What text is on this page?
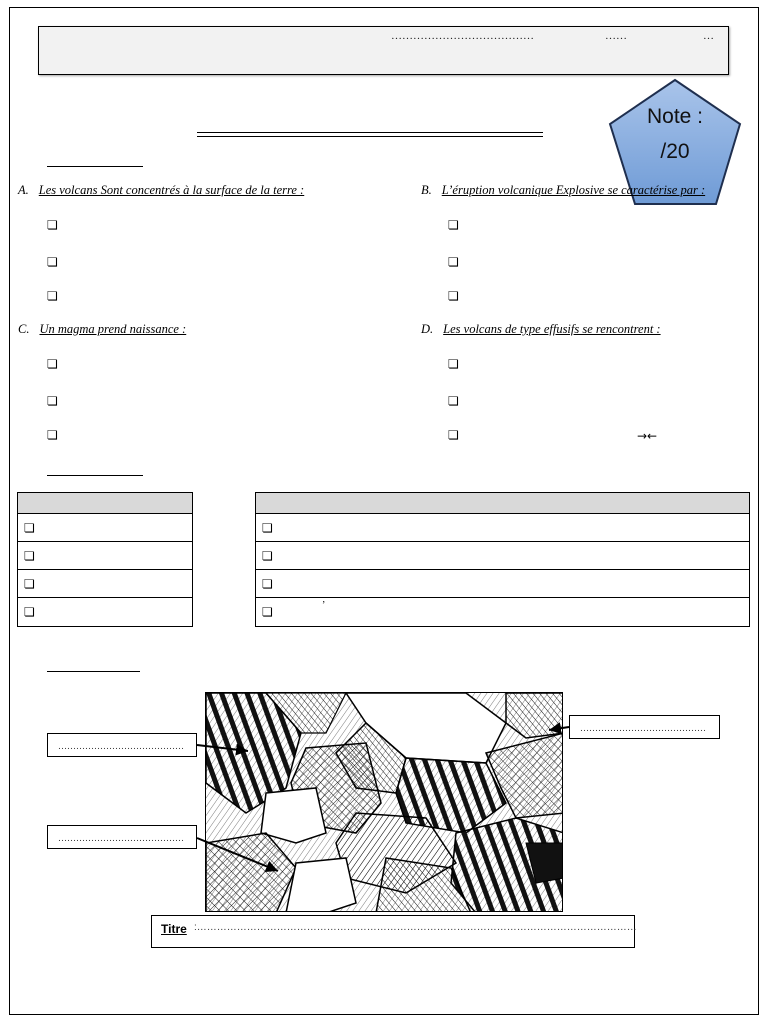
…………………………………	……	…
Note :
/20
A. Les volcans Sont concentrés à la surface de la terre :
❏
❏
❏
B. L’éruption volcanique Explosive se caractérise par :
❏
❏
❏
C. Un magma prend naissance :
❏
❏
❏
D. Les volcans de type effusifs se rencontrent :
❏
❏
❏	→←
❏
❏
❏
❏
❏
❏
❏
❏	’
……………………………………
……………………………………
……………………………………
Titre :……………………………………………………………………………………………………………………
